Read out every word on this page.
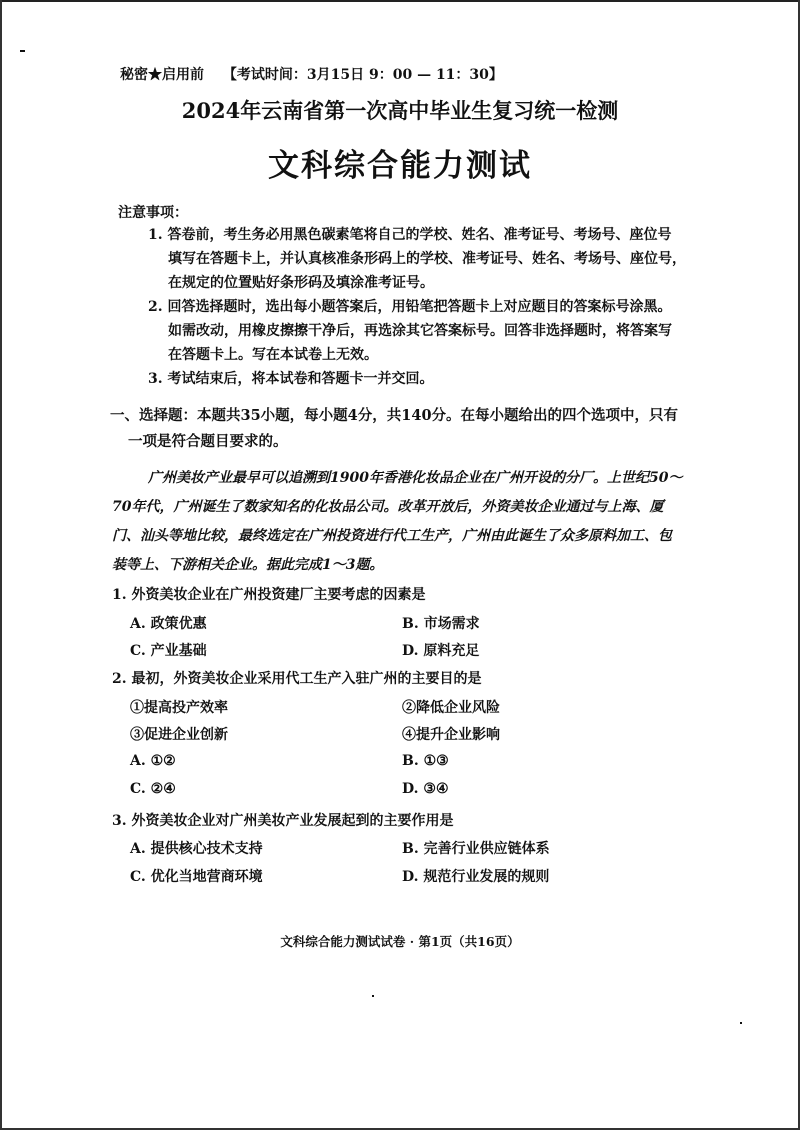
秘密★启用前 【考试时间：3月15日 9：00 — 11：30】
2024年云南省第一次高中毕业生复习统一检测
文科综合能力测试
注意事项：
1. 答卷前，考生务必用黑色碳素笔将自己的学校、姓名、准考证号、考场号、座位号
填写在答题卡上，并认真核准条形码上的学校、准考证号、姓名、考场号、座位号，
在规定的位置贴好条形码及填涂准考证号。
2. 回答选择题时，选出每小题答案后，用铅笔把答题卡上对应题目的答案标号涂黑。
如需改动，用橡皮擦擦干净后，再选涂其它答案标号。回答非选择题时，将答案写
在答题卡上。写在本试卷上无效。
3. 考试结束后，将本试卷和答题卡一并交回。
一、选择题：本题共35小题，每小题4分，共140分。在每小题给出的四个选项中，只有
一项是符合题目要求的。
广州美妆产业最早可以追溯到1900年香港化妆品企业在广州开设的分厂。上世纪50～
70年代，广州诞生了数家知名的化妆品公司。改革开放后，外资美妆企业通过与上海、厦
门、汕头等地比较，最终选定在广州投资进行代工生产，广州由此诞生了众多原料加工、包
装等上、下游相关企业。据此完成1～3题。
1. 外资美妆企业在广州投资建厂主要考虑的因素是
A. 政策优惠	B. 市场需求
C. 产业基础	D. 原料充足
2. 最初，外资美妆企业采用代工生产入驻广州的主要目的是
①提高投产效率	②降低企业风险
③促进企业创新	④提升企业影响
A. ①②	B. ①③
C. ②④	D. ③④
3. 外资美妆企业对广州美妆产业发展起到的主要作用是
A. 提供核心技术支持	B. 完善行业供应链体系
C. 优化当地营商环境	D. 规范行业发展的规则
文科综合能力测试试卷 · 第1页（共16页）
